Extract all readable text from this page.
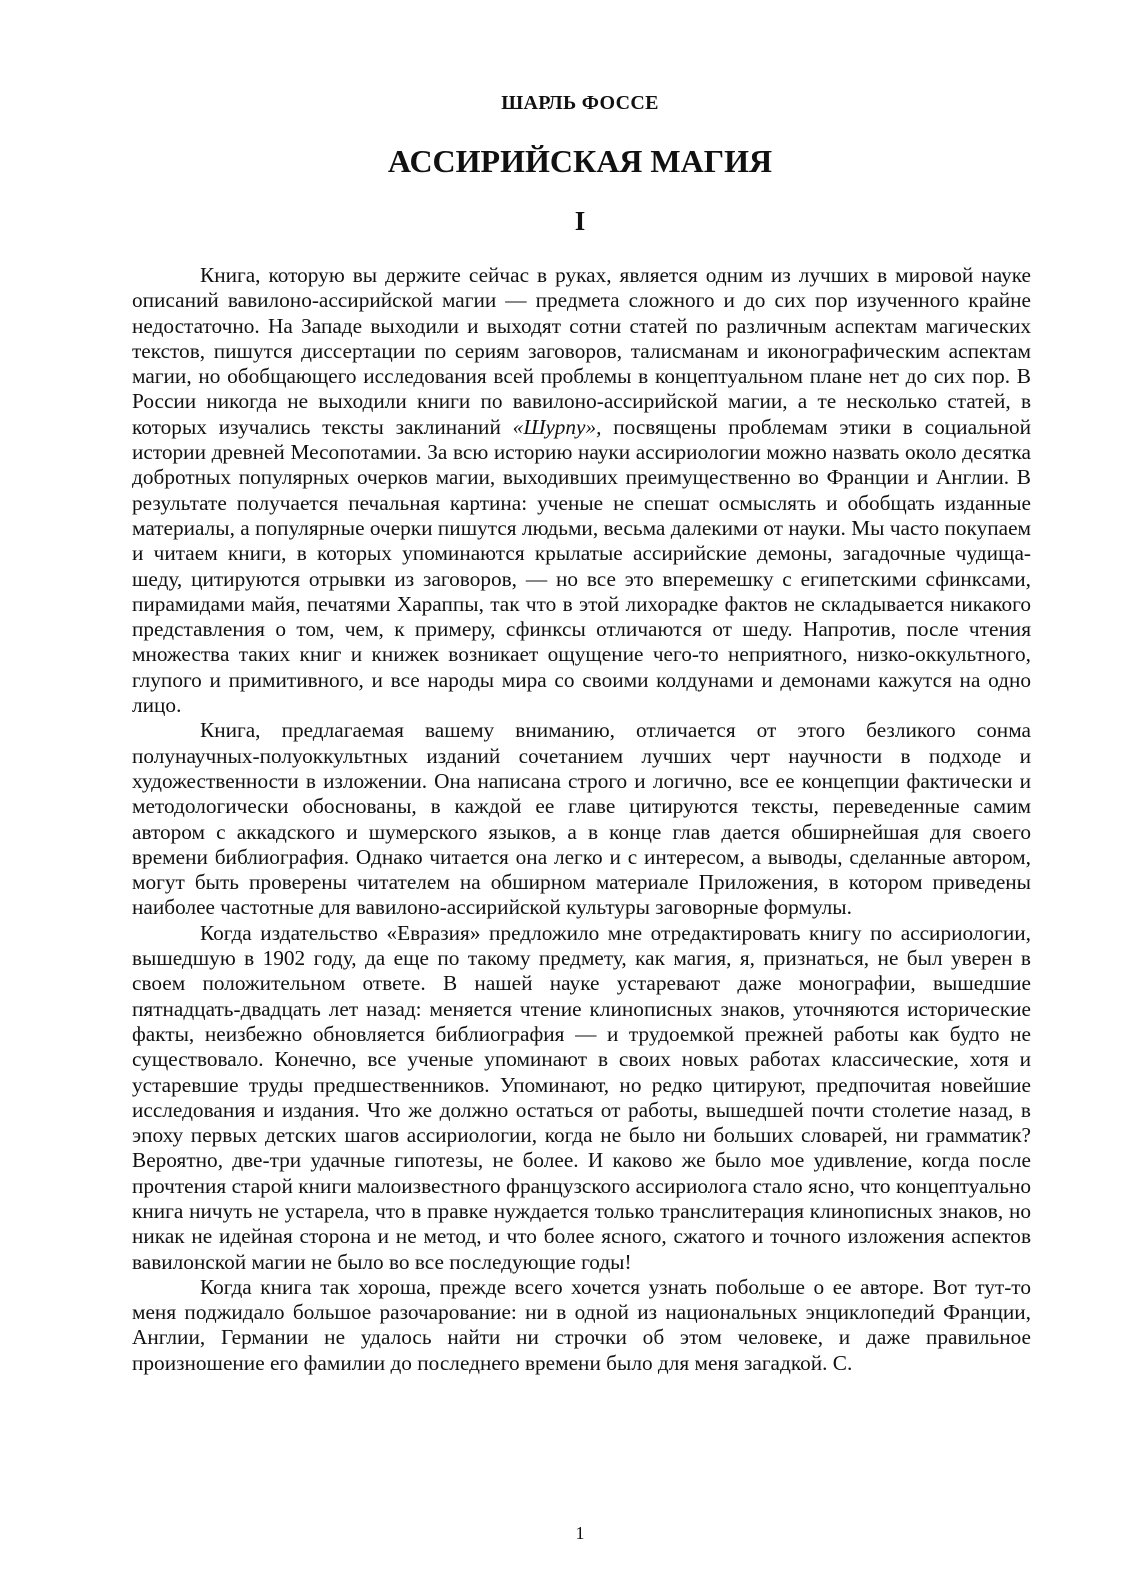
ШАРЛЬ ФОССЕ
АССИРИЙСКАЯ МАГИЯ
I

Книга, которую вы держите сейчас в руках, является одним из лучших в мировой науке описаний вавилоно-ассирийской магии — предмета сложного и до сих пор изученного крайне недостаточно. На Западе выходили и выходят сотни статей по различным аспектам магических текстов, пишутся диссертации по сериям заговоров, талисманам и иконографическим аспектам магии, но обобщающего исследования всей проблемы в концептуальном плане нет до сих пор. В России никогда не выходили книги по вавилоно-ассирийской магии, а те несколько статей, в которых изучались тексты заклинаний «Шурпу», посвящены проблемам этики в социальной истории древней Месопотамии. За всю историю науки ассириологии можно назвать около десятка добротных популярных очерков магии, выходивших преимущественно во Франции и Англии. В результате получается печальная картина: ученые не спешат осмыслять и обобщать изданные материалы, а популярные очерки пишутся людьми, весьма далекими от науки. Мы часто покупаем и читаем книги, в которых упоминаются крылатые ассирийские демоны, загадочные чудища-шеду, цитируются отрывки из заговоров, — но все это вперемешку с египетскими сфинксами, пирамидами майя, печатями Хараппы, так что в этой лихорадке фактов не складывается никакого представления о том, чем, к примеру, сфинксы отличаются от шеду. Напротив, после чтения множества таких книг и книжек возникает ощущение чего-то неприятного, низко-оккультного, глупого и примитивного, и все народы мира со своими колдунами и демонами кажутся на одно лицо.

Книга, предлагаемая вашему вниманию, отличается от этого безликого сонма полунаучных-полуоккультных изданий сочетанием лучших черт научности в подходе и художественности в изложении. Она написана строго и логично, все ее концепции фактически и методологически обоснованы, в каждой ее главе цитируются тексты, переведенные самим автором с аккадского и шумерского языков, а в конце глав дается обширнейшая для своего времени библиография. Однако читается она легко и с интересом, а выводы, сделанные автором, могут быть проверены читателем на обширном материале Приложения, в котором приведены наиболее частотные для вавилоно-ассирийской культуры заговорные формулы.

Когда издательство «Евразия» предложило мне отредактировать книгу по ассириологии, вышедшую в 1902 году, да еще по такому предмету, как магия, я, признаться, не был уверен в своем положительном ответе. В нашей науке устаревают даже монографии, вышедшие пятнадцать-двадцать лет назад: меняется чтение клинописных знаков, уточняются исторические факты, неизбежно обновляется библиография — и трудоемкой прежней работы как будто не существовало. Конечно, все ученые упоминают в своих новых работах классические, хотя и устаревшие труды предшественников. Упоминают, но редко цитируют, предпочитая новейшие исследования и издания. Что же должно остаться от работы, вышедшей почти столетие назад, в эпоху первых детских шагов ассириологии, когда не было ни больших словарей, ни грамматик? Вероятно, две-три удачные гипотезы, не более. И каково же было мое удивление, когда после прочтения старой книги малоизвестного французского ассириолога стало ясно, что концептуально книга ничуть не устарела, что в правке нуждается только транслитерация клинописных знаков, но никак не идейная сторона и не метод, и что более ясного, сжатого и точного изложения аспектов вавилонской магии не было во все последующие годы!

Когда книга так хороша, прежде всего хочется узнать побольше о ее авторе. Вот тут-то меня поджидало большое разочарование: ни в одной из национальных энциклопедий Франции, Англии, Германии не удалось найти ни строчки об этом человеке, и даже правильное произношение его фамилии до последнего времени было для меня загадкой. С.

1
